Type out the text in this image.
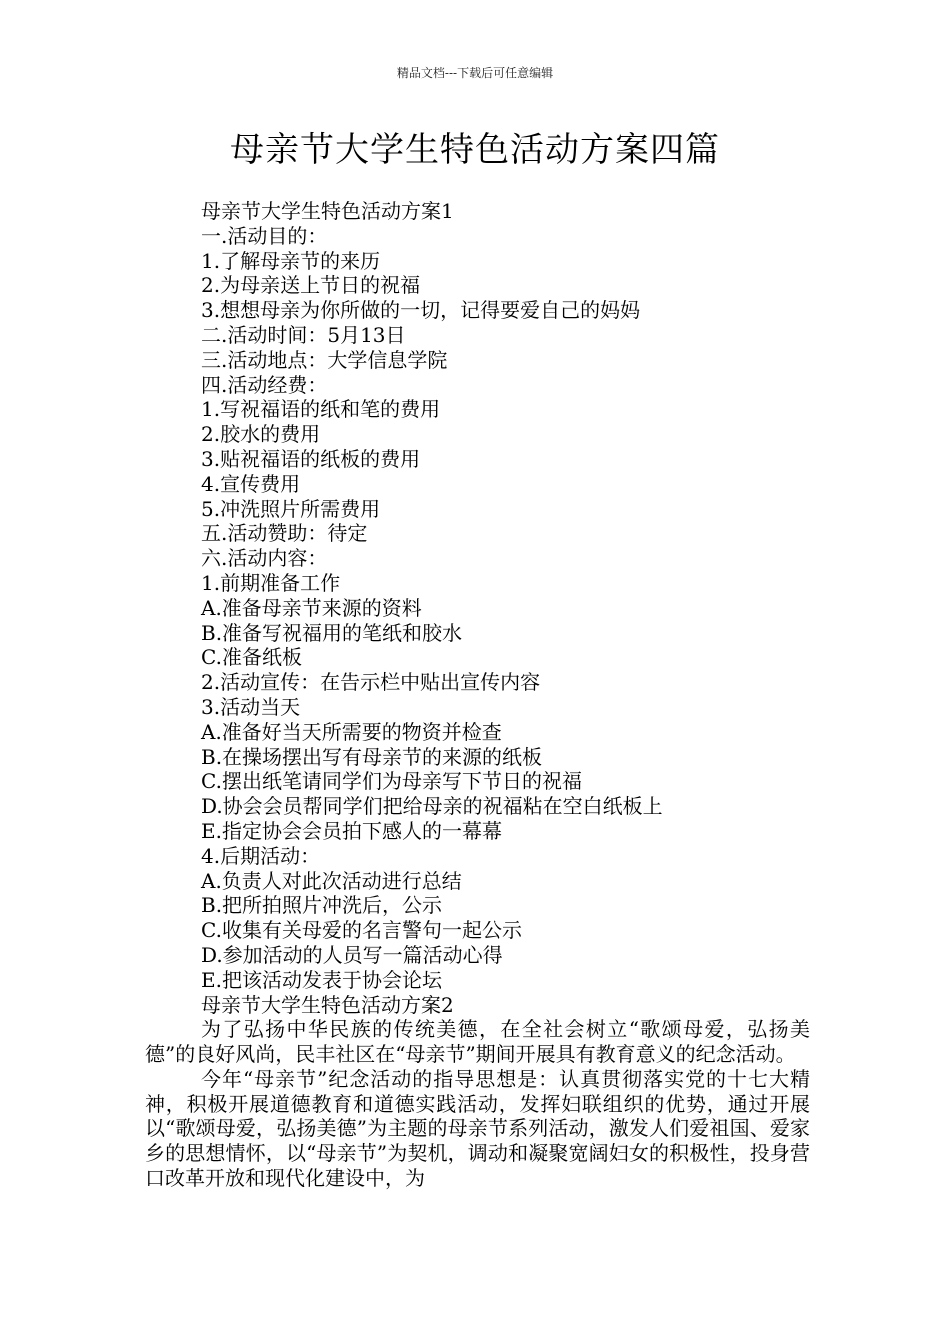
精品文档---下载后可任意编辑
母亲节大学生特色活动方案四篇
母亲节大学生特色活动方案1
一.活动目的：
1.了解母亲节的来历
2.为母亲送上节日的祝福
3.想想母亲为你所做的一切，记得要爱自己的妈妈
二.活动时间：5月13日
三.活动地点：大学信息学院
四.活动经费：
1.写祝福语的纸和笔的费用
2.胶水的费用
3.贴祝福语的纸板的费用
4.宣传费用
5.冲洗照片所需费用
五.活动赞助：待定
六.活动内容：
1.前期准备工作
A.准备母亲节来源的资料
B.准备写祝福用的笔纸和胶水
C.准备纸板
2.活动宣传：在告示栏中贴出宣传内容
3.活动当天
A.准备好当天所需要的物资并检查
B.在操场摆出写有母亲节的来源的纸板
C.摆出纸笔请同学们为母亲写下节日的祝福
D.协会会员帮同学们把给母亲的祝福粘在空白纸板上
E.指定协会会员拍下感人的一幕幕
4.后期活动：
A.负责人对此次活动进行总结
B.把所拍照片冲洗后，公示
C.收集有关母爱的名言警句一起公示
D.参加活动的人员写一篇活动心得
E.把该活动发表于协会论坛
母亲节大学生特色活动方案2
为了弘扬中华民族的传统美德，在全社会树立“歌颂母爱，弘扬美德”的良好风尚，民丰社区在“母亲节”期间开展具有教育意义的纪念活动。
今年“母亲节”纪念活动的指导思想是：认真贯彻落实党的十七大精神，积极开展道德教育和道德实践活动，发挥妇联组织的优势，通过开展以“歌颂母爱，弘扬美德”为主题的母亲节系列活动，激发人们爱祖国、爱家乡的思想情怀，以“母亲节”为契机，调动和凝聚宽阔妇女的积极性，投身营口改革开放和现代化建设中，为
